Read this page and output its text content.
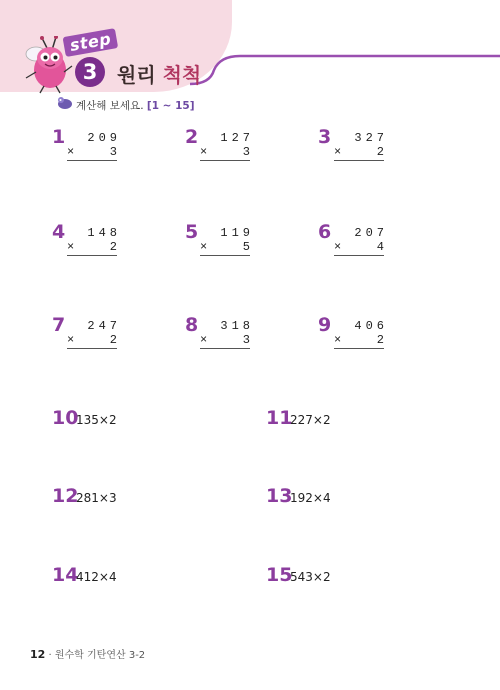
step
3 원리 척척
계산해 보세요. [1 ~ 15]
1	209
×	3
2	127
×	3
3	327
×	2
4	148
×	2
5	119
×	5
6	207
×	4
7	247
×	2
8	318
×	3
9	406
×	2
10
135×2	11
227×2
12
281×3	13
192×4
14
412×4	15
543×2
12 · 원수학 기탄연산 3-2
